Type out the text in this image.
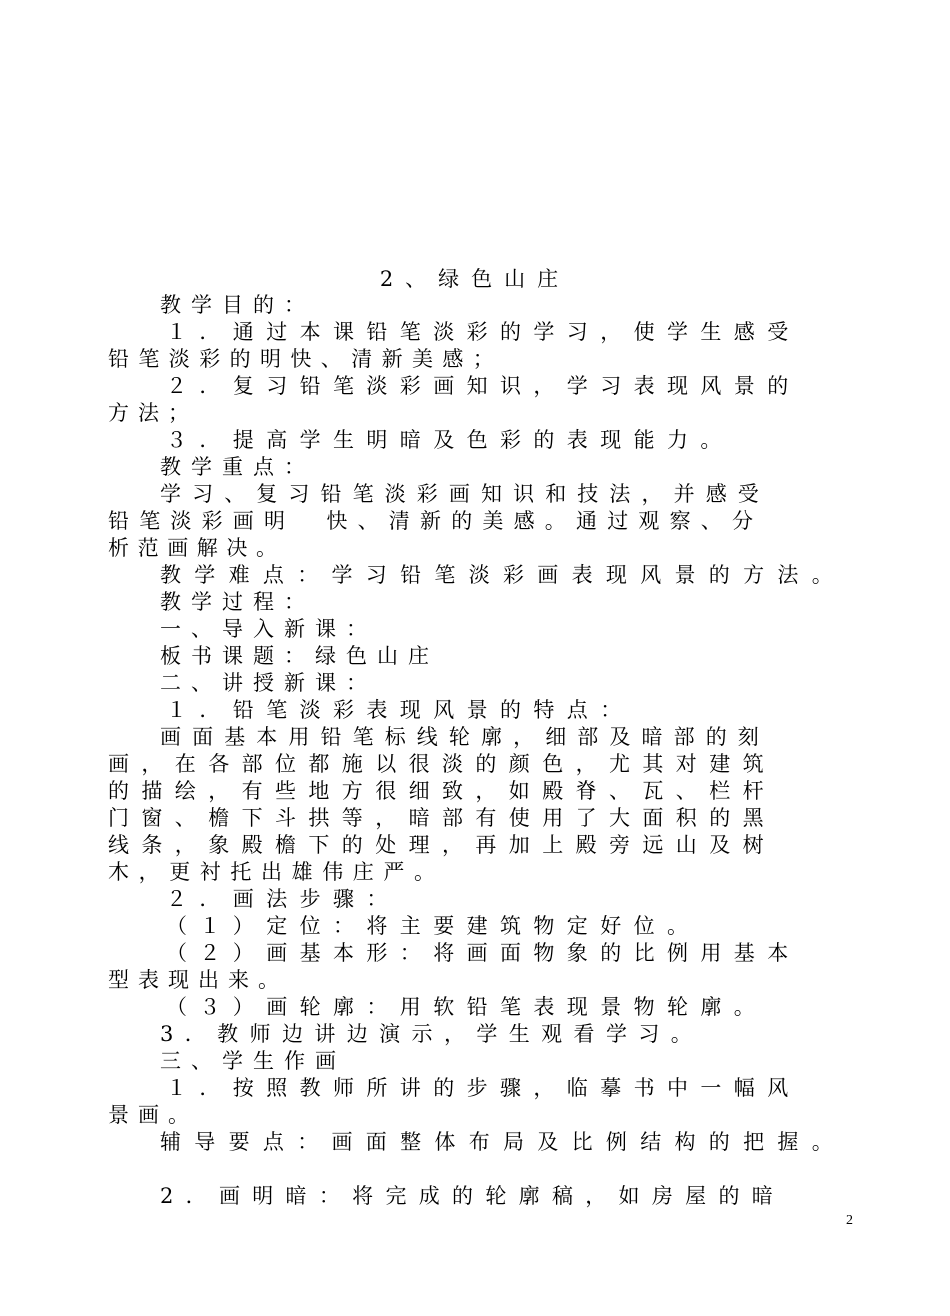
2、绿色山庄
教学目的：
１．通过本课铅笔淡彩的学习，使学生感受
铅笔淡彩的明快、清新美感；
２．复习铅笔淡彩画知识，学习表现风景的
方法；
３．提高学生明暗及色彩的表现能力。
教学重点：
学习、复习铅笔淡彩画知识和技法，并感受
铅笔淡彩画明　快、清新的美感。通过观察、分
析范画解决。
教学难点：学习铅笔淡彩画表现风景的方法。
教学过程：
一、导入新课：
板书课题：绿色山庄
二、讲授新课：
１．铅笔淡彩表现风景的特点：
画面基本用铅笔标线轮廓，细部及暗部的刻
画，在各部位都施以很淡的颜色，尤其对建筑
的描绘，有些地方很细致，如殿脊、瓦、栏杆
门窗、檐下斗拱等，暗部有使用了大面积的黑
线条，象殿檐下的处理，再加上殿旁远山及树
木，更衬托出雄伟庄严。
２．画法步骤：
（１）定位：将主要建筑物定好位。
（２）画基本形：将画面物象的比例用基本
型表现出来。
（３）画轮廓：用软铅笔表现景物轮廓。
3．教师边讲边演示，学生观看学习。
三、学生作画
１．按照教师所讲的步骤，临摹书中一幅风
景画。
辅导要点：画面整体布局及比例结构的把握。
2．画明暗：将完成的轮廓稿，如房屋的暗
2
